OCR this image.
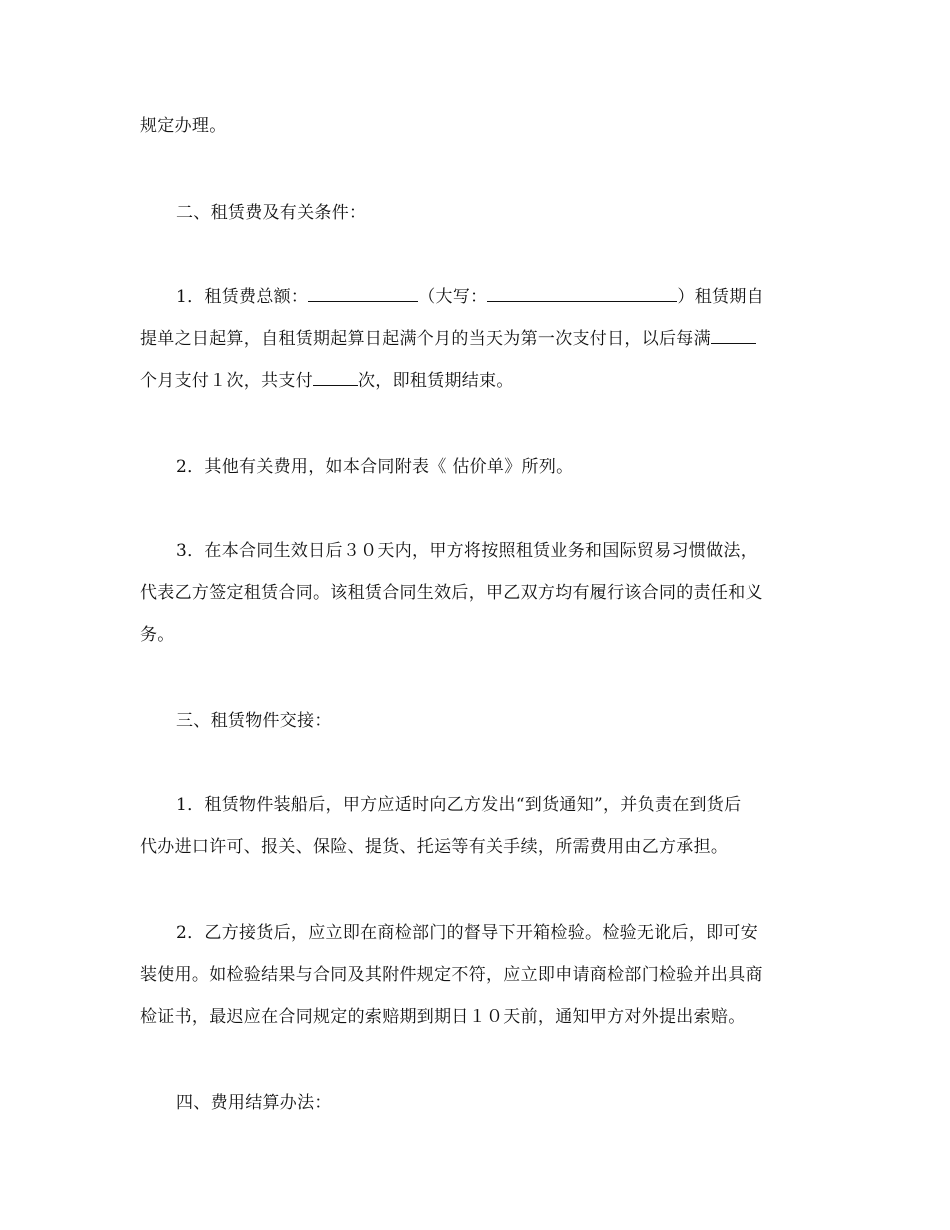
规定办理。
二、租赁费及有关条件：
1．租赁费总额：	（大写：	）租赁期自
提单之日起算，自租赁期起算日起满个月的当天为第一次支付日，以后每满
个月支付１次，共支付	次，即租赁期结束。
2．其他有关费用，如本合同附表《 估价单》所列。
3．在本合同生效日后３０天内，甲方将按照租赁业务和国际贸易习惯做法，
代表乙方签定租赁合同。该租赁合同生效后，甲乙双方均有履行该合同的责任和义
务。
三、租赁物件交接：
1．租赁物件装船后，甲方应适时向乙方发出“到货通知”，并负责在到货后
代办进口许可、报关、保险、提货、托运等有关手续，所需费用由乙方承担。
2．乙方接货后，应立即在商检部门的督导下开箱检验。检验无讹后，即可安
装使用。如检验结果与合同及其附件规定不符，应立即申请商检部门检验并出具商
检证书，最迟应在合同规定的索赔期到期日１０天前，通知甲方对外提出索赔。
四、费用结算办法：
